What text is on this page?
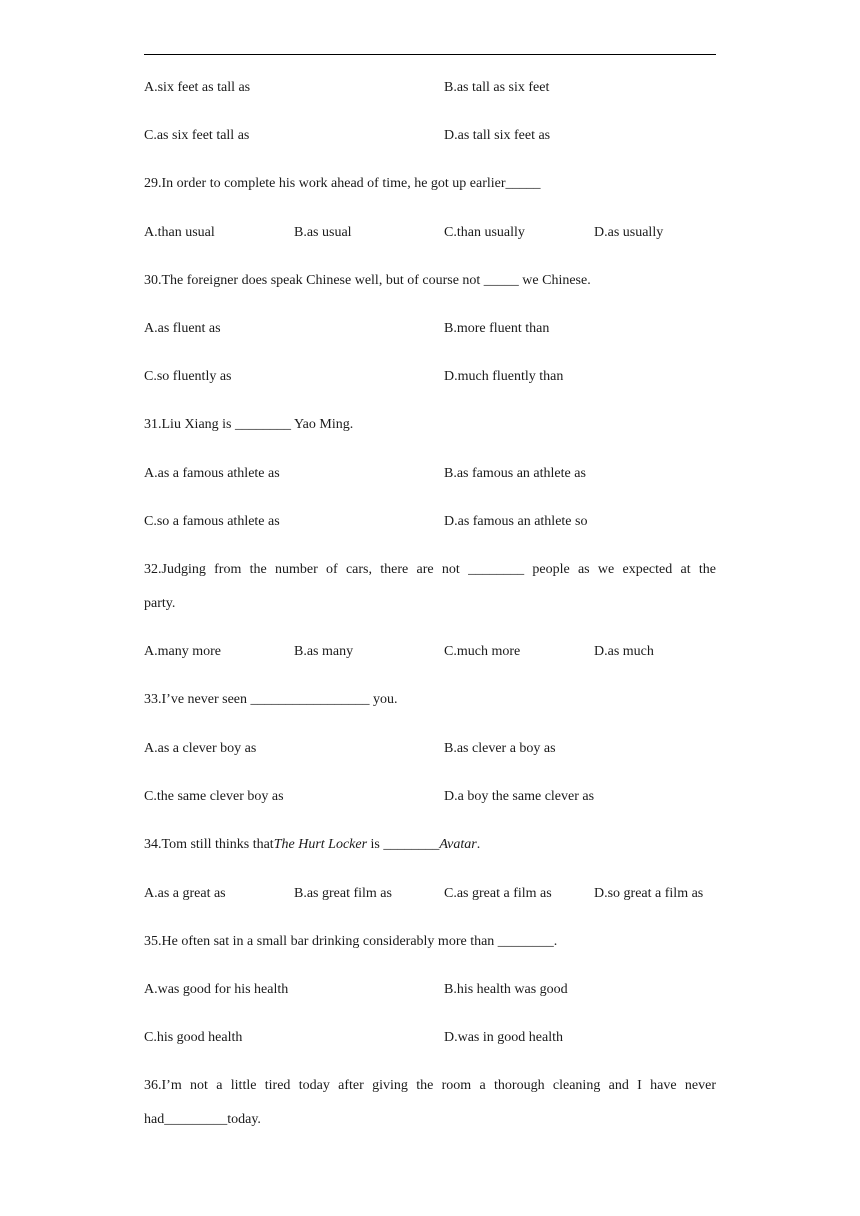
A.six feet as tall as	B.as tall as six feet
C.as six feet tall as	D.as tall six feet as
29.In order to complete his work ahead of time, he got up earlier_____
A.than usual	B.as usual	C.than usually	D.as usually
30.The foreigner does speak Chinese well, but of course not _____ we Chinese.
A.as fluent as	B.more fluent than
C.so fluently as	D.much fluently than
31.Liu Xiang is ________ Yao Ming.
A.as a famous athlete as	B.as famous an athlete as
C.so a famous athlete as	D.as famous an athlete so
32.Judging from the number of cars, there are not ________ people as we expected at the
party.
A.many more	B.as many	C.much more	D.as much
33.I’ve never seen _________________ you.
A.as a clever boy as	B.as clever a boy as
C.the same clever boy as	D.a boy the same clever as
34.Tom still thinks thatThe Hurt Locker is ________Avatar.
A.as a great as	B.as great film as	C.as great a film as	D.so great a film as
35.He often sat in a small bar drinking considerably more than ________.
A.was good for his health	B.his health was good
C.his good health	D.was in good health
36.I’m not a little tired today after giving the room a thorough cleaning and I have never
had_________today.
